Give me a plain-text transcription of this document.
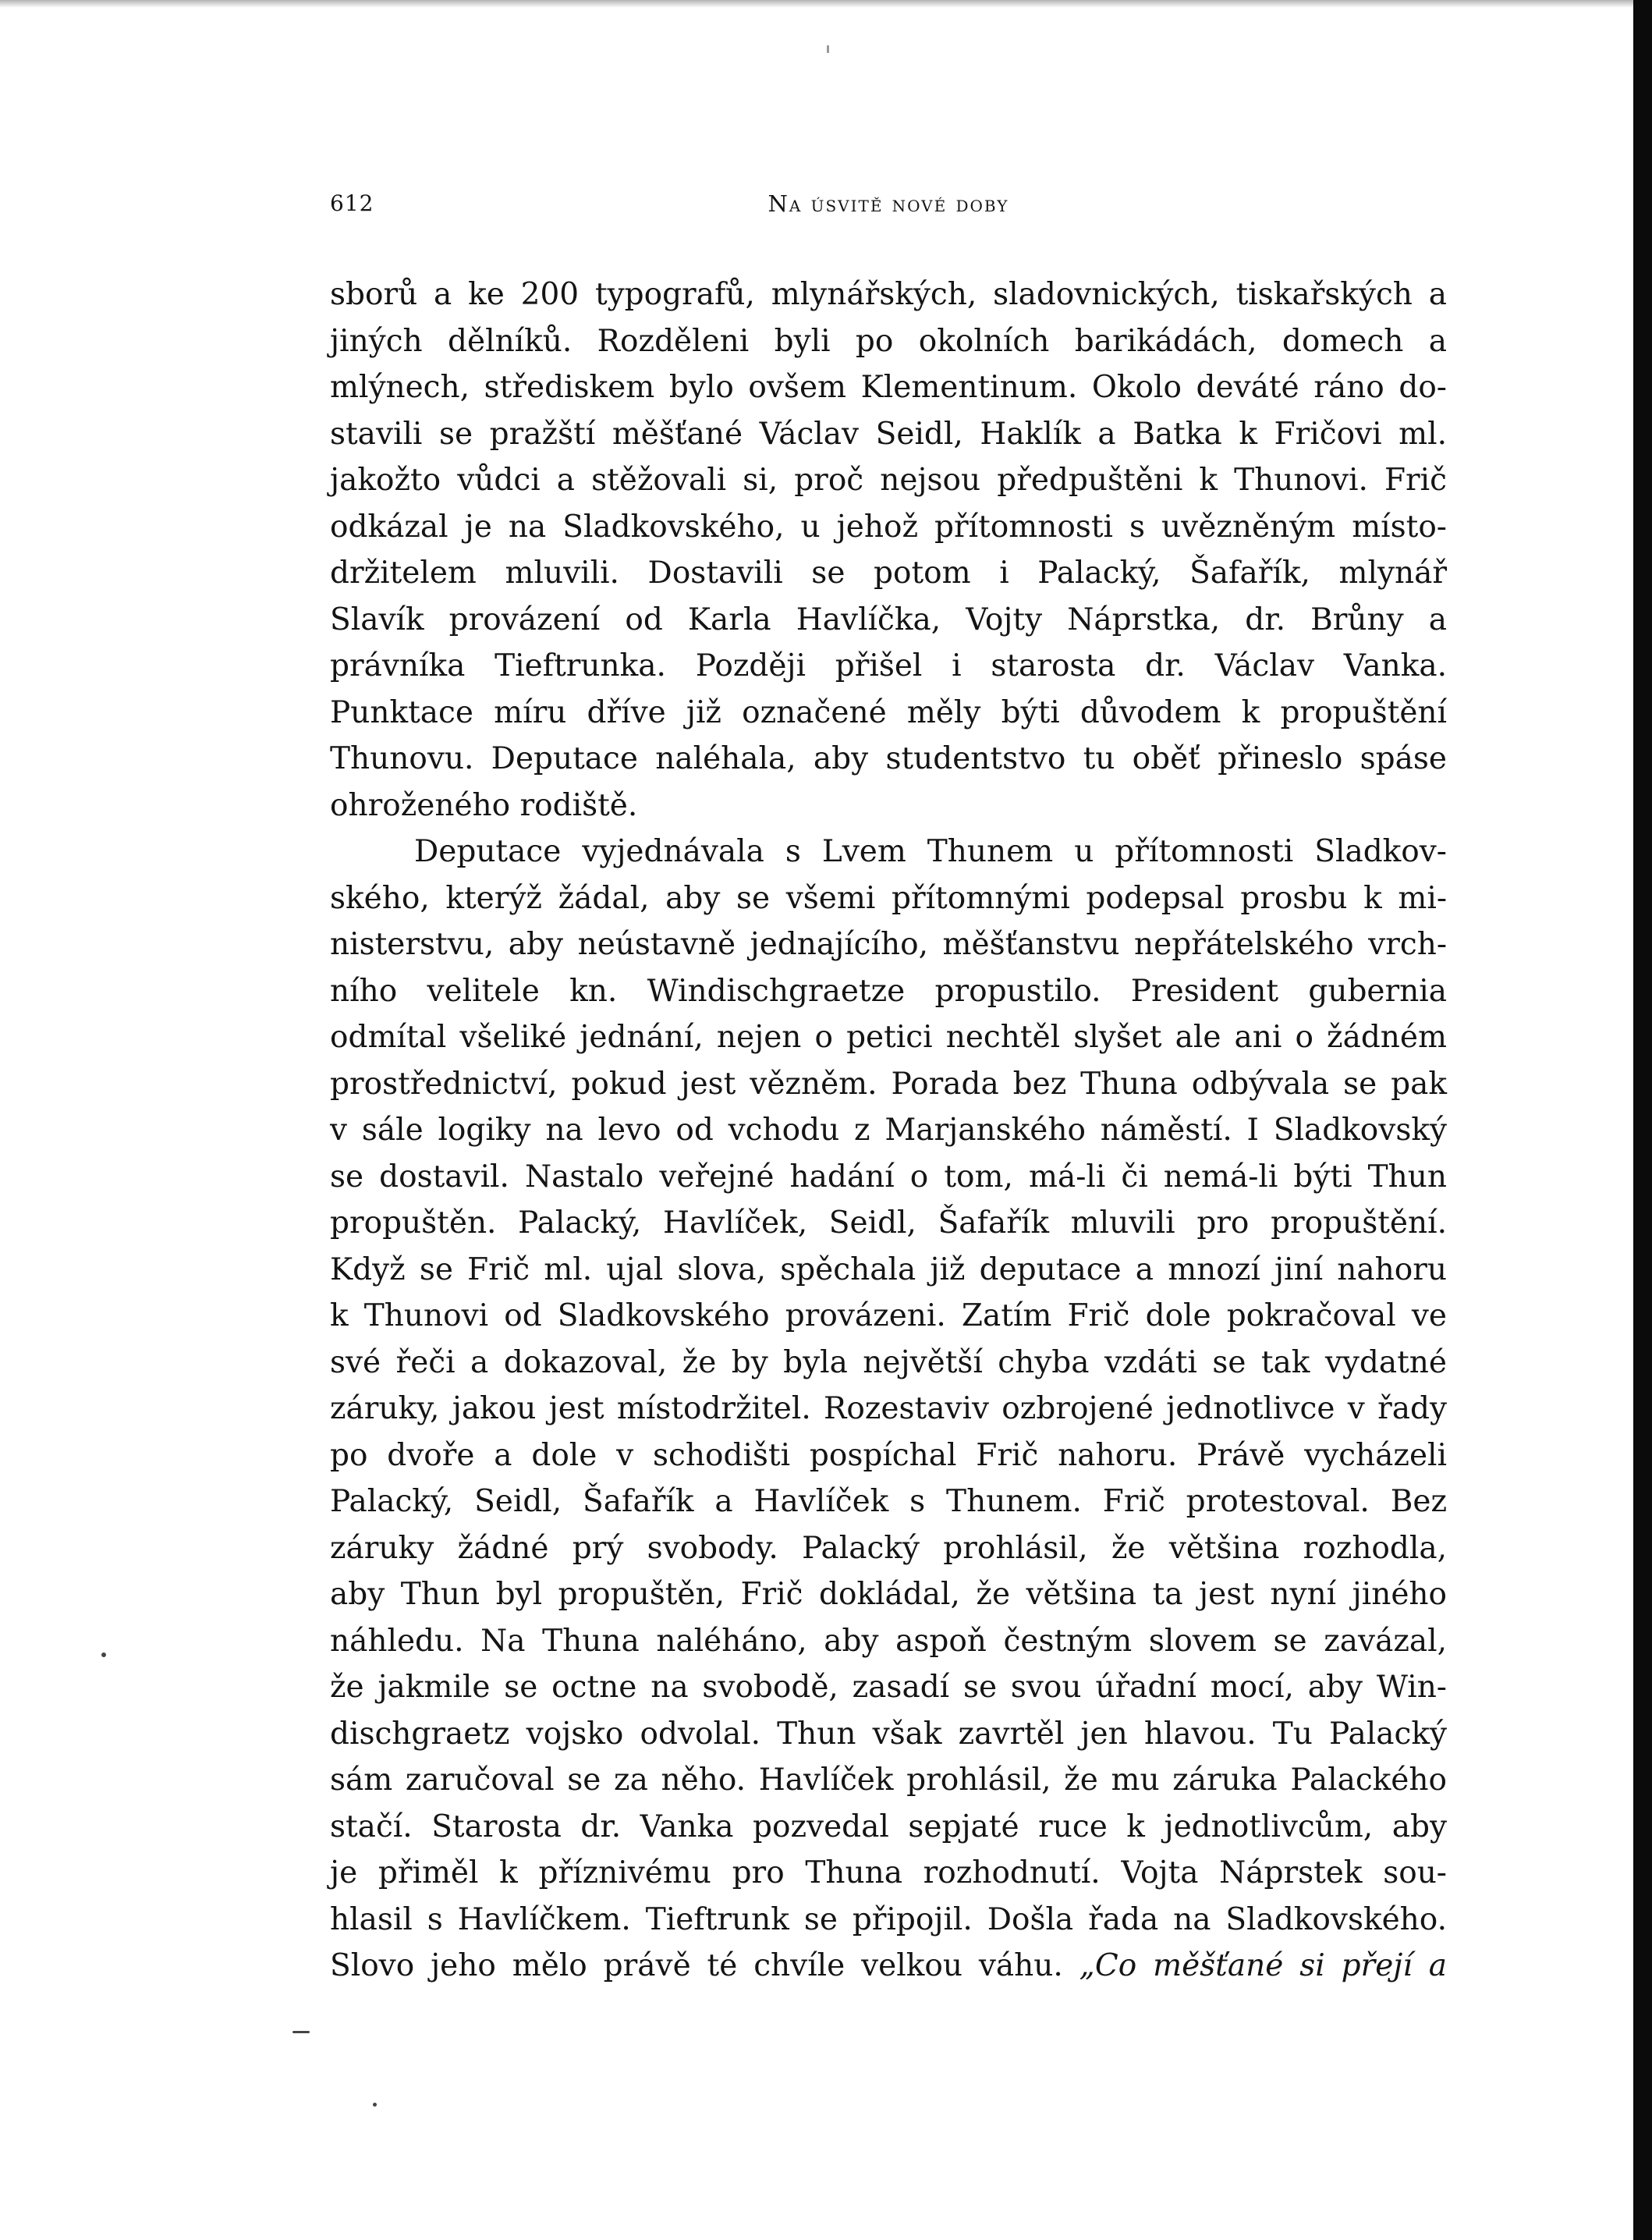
612	Na úsvitě nové doby
sborů a ke 200 typografů, mlynářských, sladovnických, tiskařských a
jiných dělníků. Rozděleni byli po okolních barikádách, domech a
mlýnech, střediskem bylo ovšem Klementinum. Okolo deváté ráno do-
stavili se pražští měšťané Václav Seidl, Haklík a Batka k Fričovi ml.
jakožto vůdci a stěžovali si, proč nejsou předpuštěni k Thunovi. Frič
odkázal je na Sladkovského, u jehož přítomnosti s uvězněným místo-
držitelem mluvili. Dostavili se potom i Palacký, Šafařík, mlynář
Slavík provázení od Karla Havlíčka, Vojty Náprstka, dr. Brůny a
právníka Tieftrunka. Později přišel i starosta dr. Václav Vanka.
Punktace míru dříve již označené měly býti důvodem k propuštění
Thunovu. Deputace naléhala, aby studentstvo tu oběť přineslo spáse
ohroženého rodiště.
Deputace vyjednávala s Lvem Thunem u přítomnosti Sladkov-
ského, kterýž žádal, aby se všemi přítomnými podepsal prosbu k mi-
nisterstvu, aby neústavně jednajícího, měšťanstvu nepřátelského vrch-
ního velitele kn. Windischgraetze propustilo. President gubernia
odmítal všeliké jednání, nejen o petici nechtěl slyšet ale ani o žádném
prostřednictví, pokud jest vězněm. Porada bez Thuna odbývala se pak
v sále logiky na levo od vchodu z Marjanského náměstí. I Sladkovský
se dostavil. Nastalo veřejné hadání o tom, má-li či nemá-li býti Thun
propuštěn. Palacký, Havlíček, Seidl, Šafařík mluvili pro propuštění.
Když se Frič ml. ujal slova, spěchala již deputace a mnozí jiní nahoru
k Thunovi od Sladkovského provázeni. Zatím Frič dole pokračoval ve
své řeči a dokazoval, že by byla největší chyba vzdáti se tak vydatné
záruky, jakou jest místodržitel. Rozestaviv ozbrojené jednotlivce v řady
po dvoře a dole v schodišti pospíchal Frič nahoru. Právě vycházeli
Palacký, Seidl, Šafařík a Havlíček s Thunem. Frič protestoval. Bez
záruky žádné prý svobody. Palacký prohlásil, že většina rozhodla,
aby Thun byl propuštěn, Frič dokládal, že většina ta jest nyní jiného
náhledu. Na Thuna naléháno, aby aspoň čestným slovem se zavázal,
že jakmile se octne na svobodě, zasadí se svou úřadní mocí, aby Win-
dischgraetz vojsko odvolal. Thun však zavrtěl jen hlavou. Tu Palacký
sám zaručoval se za něho. Havlíček prohlásil, že mu záruka Palackého
stačí. Starosta dr. Vanka pozvedal sepjaté ruce k jednotlivcům, aby
je přiměl k příznivému pro Thuna rozhodnutí. Vojta Náprstek sou-
hlasil s Havlíčkem. Tieftrunk se připojil. Došla řada na Sladkovského.
Slovo jeho mělo právě té chvíle velkou váhu. „Co měšťané si přejí a
